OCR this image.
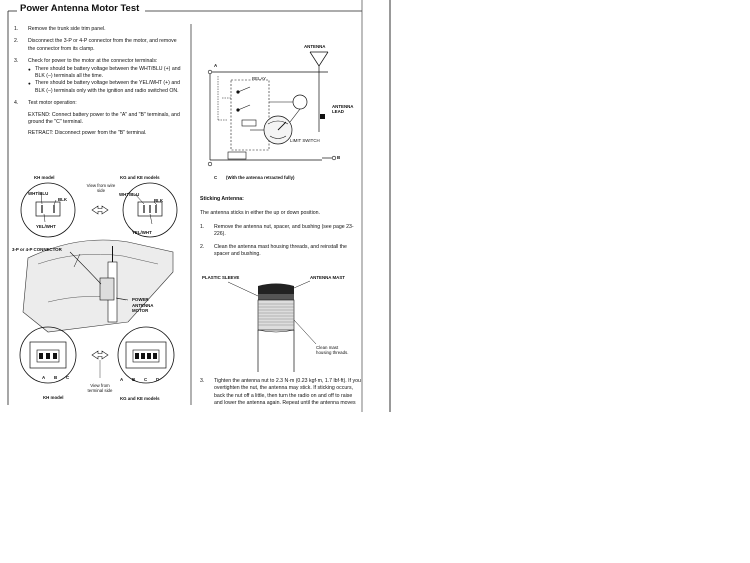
Power Antenna Motor Test
1. Remove the trunk side trim panel.
2. Disconnect the 3-P or 4-P connector from the motor, and remove the connector from its clamp.
3. Check for power to the motor at the connector terminals:
● There should be battery voltage between the WHT/BLU (+) and BLK (–) terminals all the time.
● There should be battery voltage between the YEL/WHT (+) and BLK (–) terminals only with the ignition and radio switched ON.
4. Test motor operation:
EXTEND: Connect battery power to the "A" and "B" terminals, and ground the "C" terminal.
RETRACT: Disconnect power from the "B" terminal.
KH model	KG and KE models
View from wire side
WHT/BLU
BLK
YEL/WHT
WHT/BLU
BLK
YEL/WHT
3-P or 4-P CONNECTOR
POWER ANTENNA MOTOR
A B C	A B C D
View from terminal side
KH model	KG and KE models
ANTENNA
A
RELAY
ANTENNA LEAD
LIMIT SWITCH
B
C (With the antenna retracted fully)
Sticking Antenna:

The antenna sticks in either the up or down position.

1. Remove the antenna nut, spacer, and bushing (see page 23-226).
2. Clean the antenna mast housing threads, and reinstall the spacer and bushing.
PLASTIC SLEEVE	ANTENNA MAST
Clean mast housing threads.
3. Tighten the antenna nut to 2.3 N·m (0.23 kgf·m, 1.7 lbf·ft). If you overtighten the nut, the antenna may stick. If sticking occurs, back the nut off a little, then turn the radio on and off to raise and lower the antenna again. Repeat until the antenna moves
